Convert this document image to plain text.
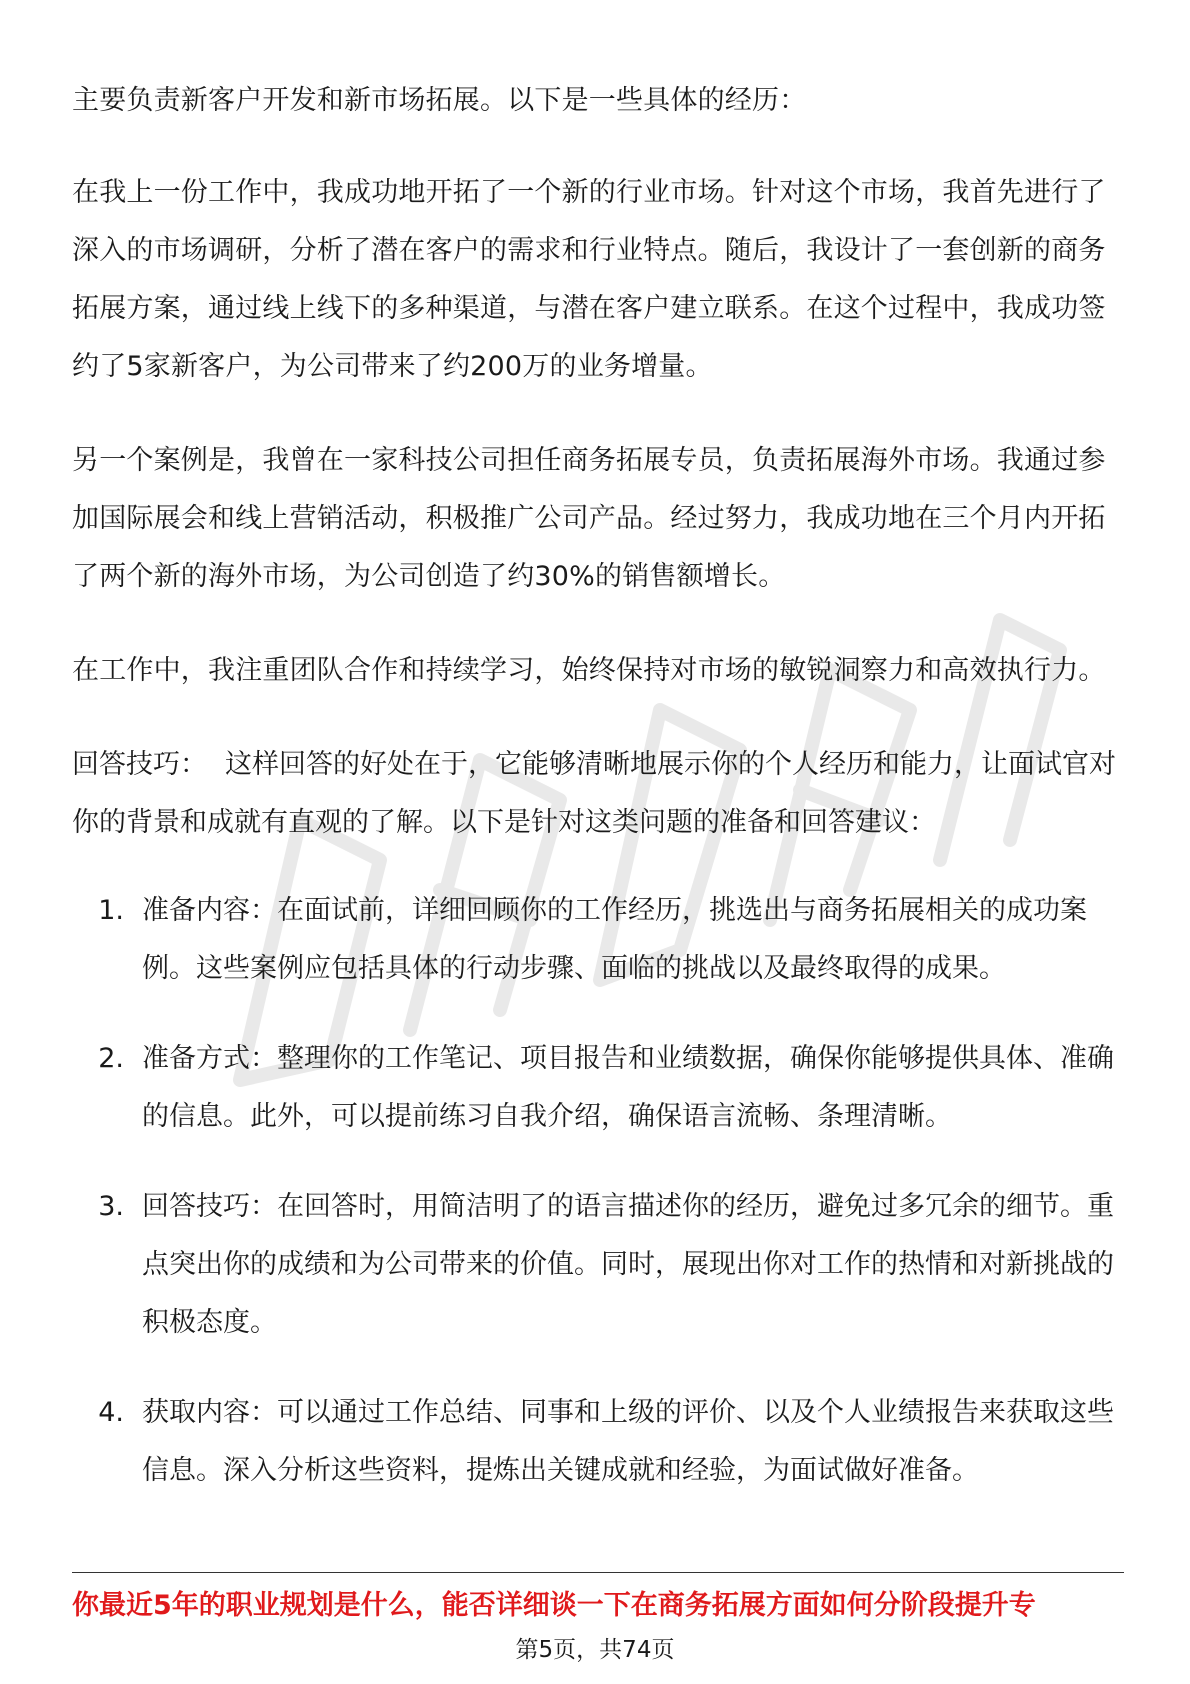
主要负责新客户开发和新市场拓展。以下是一些具体的经历：

在我上一份工作中，我成功地开拓了一个新的行业市场。针对这个市场，我首先进行了深入的市场调研，分析了潜在客户的需求和行业特点。随后，我设计了一套创新的商务拓展方案，通过线上线下的多种渠道，与潜在客户建立联系。在这个过程中，我成功签约了5家新客户，为公司带来了约200万的业务增量。

另一个案例是，我曾在一家科技公司担任商务拓展专员，负责拓展海外市场。我通过参加国际展会和线上营销活动，积极推广公司产品。经过努力，我成功地在三个月内开拓了两个新的海外市场，为公司创造了约30%的销售额增长。

在工作中，我注重团队合作和持续学习，始终保持对市场的敏锐洞察力和高效执行力。

回答技巧： 这样回答的好处在于，它能够清晰地展示你的个人经历和能力，让面试官对你的背景和成就有直观的了解。以下是针对这类问题的准备和回答建议：

1. 准备内容：在面试前，详细回顾你的工作经历，挑选出与商务拓展相关的成功案例。这些案例应包括具体的行动步骤、面临的挑战以及最终取得的成果。
2. 准备方式：整理你的工作笔记、项目报告和业绩数据，确保你能够提供具体、准确的信息。此外，可以提前练习自我介绍，确保语言流畅、条理清晰。
3. 回答技巧：在回答时，用简洁明了的语言描述你的经历，避免过多冗余的细节。重点突出你的成绩和为公司带来的价值。同时，展现出你对工作的热情和对新挑战的积极态度。
4. 获取内容：可以通过工作总结、同事和上级的评价、以及个人业绩报告来获取这些信息。深入分析这些资料，提炼出关键成就和经验，为面试做好准备。
你最近5年的职业规划是什么，能否详细谈一下在商务拓展方面如何分阶段提升专
第5页，共74页
